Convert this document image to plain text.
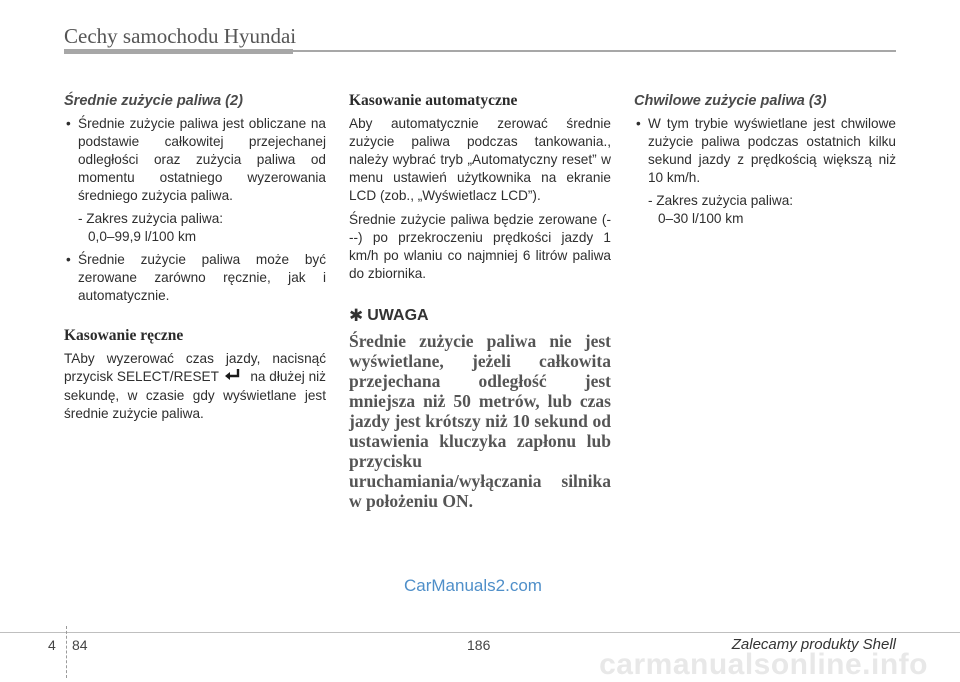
Cechy samochodu Hyundai
Średnie zużycie paliwa (2)
• Średnie zużycie paliwa jest obliczane na podstawie całkowitej przejechanej odległości oraz zużycia paliwa od momentu ostatniego wyzerowania średniego zużycia paliwa.
- Zakres zużycia paliwa:
0,0–99,9 l/100 km
• Średnie zużycie paliwa może być zerowane zarówno ręcznie, jak i automatycznie.
Kasowanie ręczne

TAby wyzerować czas jazdy, nacisnąć przycisk SELECT/RESET na dłużej niż sekundę, w czasie gdy wyświetlane jest średnie zużycie paliwa.

Kasowanie automatyczne

Aby automatycznie zerować średnie zużycie paliwa podczas tankowania., należy wybrać tryb „Automatyczny reset” w menu ustawień użytkownika na ekranie LCD (zob., „Wyświetlacz LCD”).

Średnie zużycie paliwa będzie zerowane (---) po przekroczeniu prędkości jazdy 1 km/h po wlaniu co najmniej 6 litrów paliwa do zbiornika.

✱ UWAGA

Średnie zużycie paliwa nie jest wyświetlane, jeżeli całkowita przejechana odległość jest mniejsza niż 50 metrów, lub czas jazdy jest krótszy niż 10 sekund od ustawienia kluczyka zapłonu lub przycisku uruchamiania/wyłączania silnika w położeniu ON.

Chwilowe zużycie paliwa (3)
• W tym trybie wyświetlane jest chwilowe zużycie paliwa podczas ostatnich kilku sekund jazdy z prędkością większą niż 10 km/h.
- Zakres zużycia paliwa:
0–30 l/100 km
CarManuals2.com
4 84	186	Zalecamy produkty Shell
carmanualsonline.info
